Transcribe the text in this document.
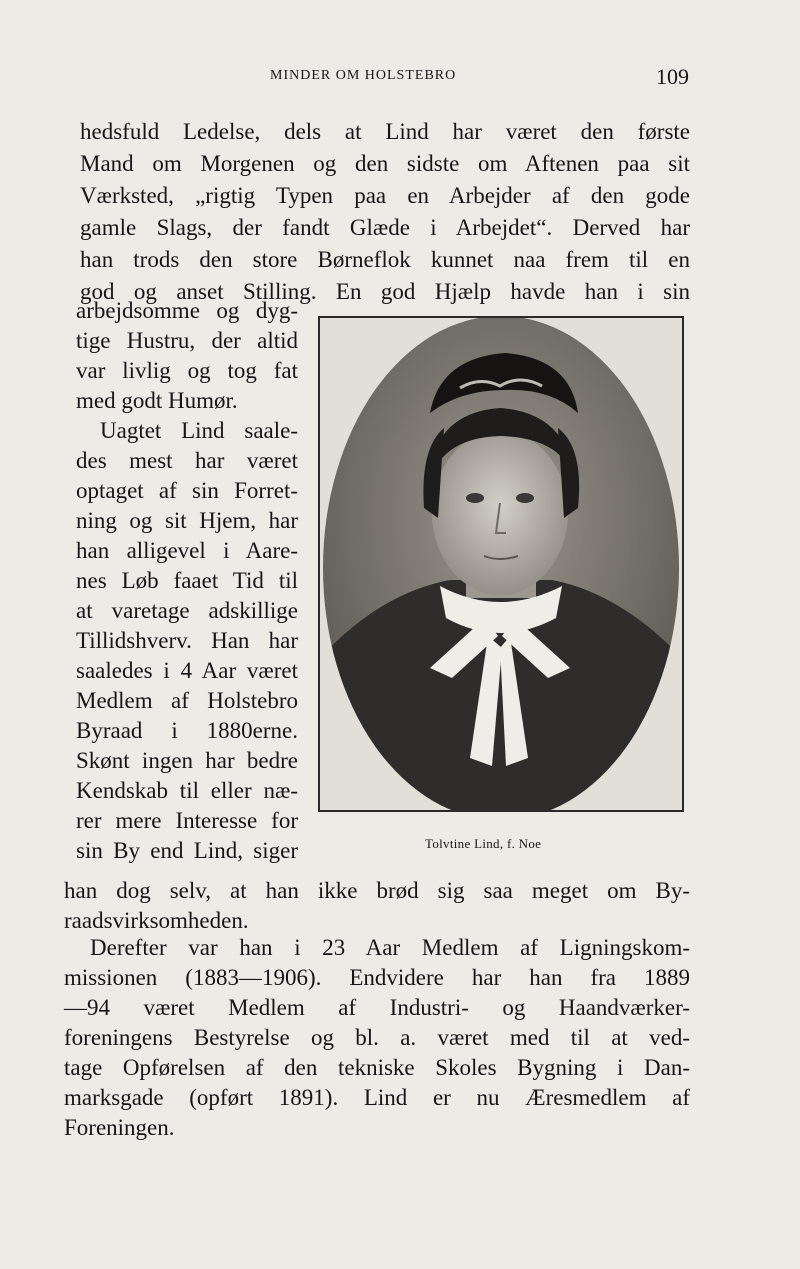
MINDER OM HOLSTEBRO	109
hedsfuld Ledelse, dels at Lind har været den første
Mand om Morgenen og den sidste om Aftenen paa sit
Værksted, „rigtig Typen paa en Arbejder af den gode
gamle Slags, der fandt Glæde i Arbejdet“. Derved har
han trods den store Børneflok kunnet naa frem til en
god og anset Stilling. En god Hjælp havde han i sin
arbejdsomme og dyg-
tige Hustru, der altid
var livlig og tog fat
med godt Humør.
Uagtet Lind saale-
des mest har været
optaget af sin Forret-
ning og sit Hjem, har
han alligevel i Aare-
nes Løb faaet Tid til
at varetage adskillige
Tillidshverv. Han har
saaledes i 4 Aar været
Medlem af Holstebro
Byraad i 1880erne.
Skønt ingen har bedre
Kendskab til eller næ-
rer mere Interesse for
sin By end Lind, siger	Tolvtine Lind, f. Noe
han dog selv, at han ikke brød sig saa meget om By-
raadsvirksomheden.
Derefter var han i 23 Aar Medlem af Ligningskom-
missionen (1883—1906). Endvidere har han fra 1889
—94 været Medlem af Industri- og Haandværker-
foreningens Bestyrelse og bl. a. været med til at ved-
tage Opførelsen af den tekniske Skoles Bygning i Dan-
marksgade (opført 1891). Lind er nu Æresmedlem af
Foreningen.
